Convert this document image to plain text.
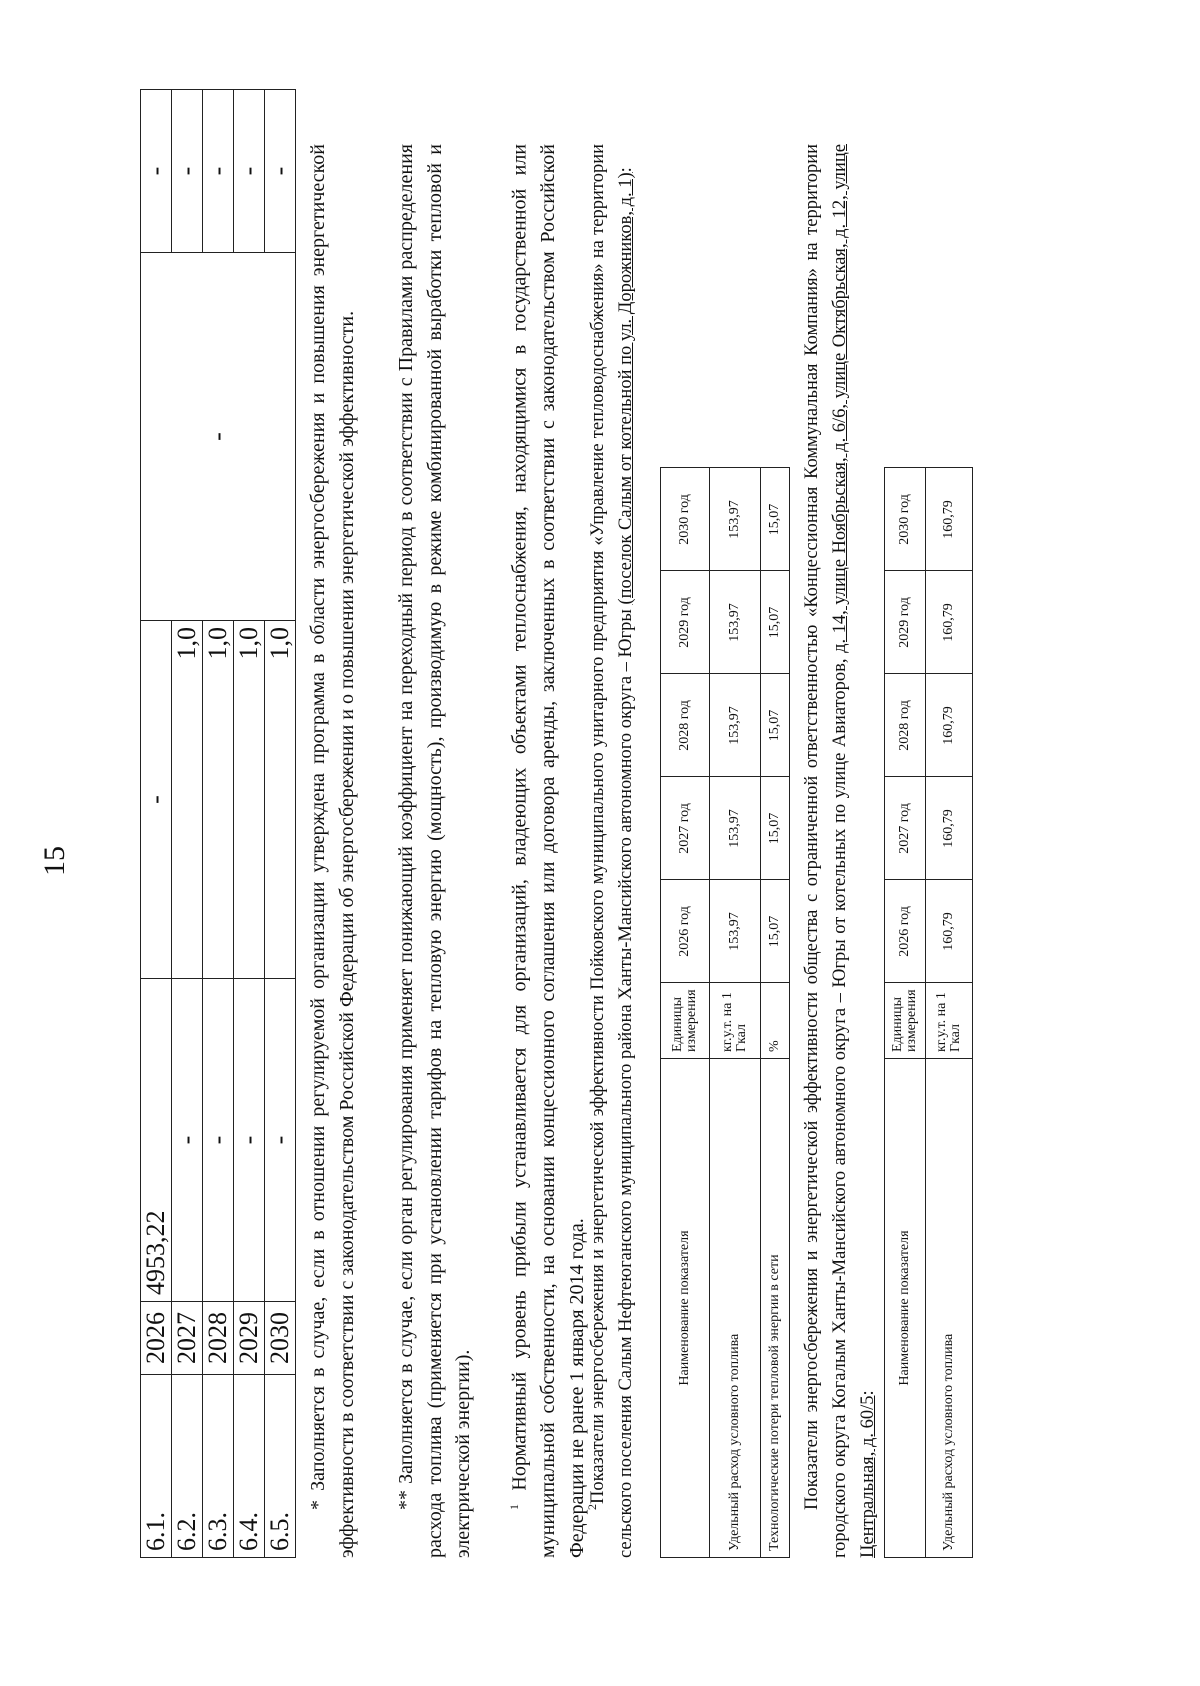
15
6.1.	2026	4953,22	-	-	-
6.2.	2027	-	1,0		-
6.3.	2028	-	1,0		-
6.4.	2029	-	1,0		-
6.5.	2030	-	1,0		- * Заполняется в случае, если в отношении регулируемой организации утверждена программа в области энергосбережения и повышения энергетической эффективности в соответствии с законодательством Российской Федерации об энергосбережении и о повышении энергетической эффективности. ** Заполняется в случае, если орган регулирования применяет понижающий коэффициент на переходный период в соответствии с Правилами распределения расхода топлива (применяется при установлении тарифов на тепловую энергию (мощность), производимую в режиме комбинированной выработки тепловой и электрической энергии).	$^1$ Нормативный уровень прибыли устанавливается для организаций, владеющих объектами теплоснабжения, находящимися в государственной или муниципальной собственности, на основании концессионного соглашения или договора аренды, заключенных в соответствии с законодательством Российской Федерации не ранее 1 января 2014 года.

$^2$Показатели энергосбережения и энергетической эффективности Пойковского муниципального унитарного предприятия «Управление тепловодоснабжения» на территории сельского поселения Салым Нефтеюганского муниципального района Ханты-Мансийского автономного округа – Югры (поселок Салым от котельной по ул. Дорожников, д. 1):

Наименование показателя	Единицы измерения	2026 год	2027 год	2028 год	2029 год	2030 год
Удельный расход условного топлива	кг.у.т. на 1 Гкал	153,97	153,97	153,97	153,97	153,97
Технологические потери тепловой энергии в сети	%	15,07	15,07	15,07	15,07	15,07 Показатели энергосбережения и энергетической эффективности общества с ограниченной ответственностью «Концессионная Коммунальная Компания» на территории городского округа Когалым Ханты-Мансийского автономного округа – Югры от котельных по улице Авиаторов, д. 14, улице Ноябрьская, д. 6/6, улице Октябрьская, д. 12, улице Центральная, д. 60/5:

Наименование показателя	Единицы измерения	2026 год	2027 год	2028 год	2029 год	2030 год
Удельный расход условного топлива	кг.у.т. на 1 Гкал	160,79	160,79	160,79	160,79	160,79
